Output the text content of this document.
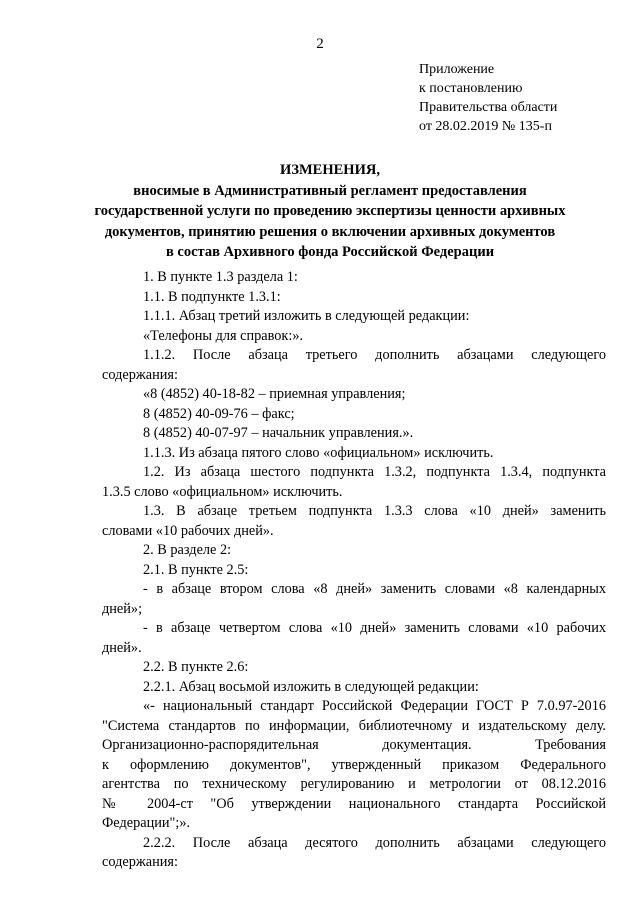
2
Приложение
к постановлению
Правительства области
от 28.02.2019 № 135-п
ИЗМЕНЕНИЯ,
вносимые в Административный регламент предоставления
государственной услуги по проведению экспертизы ценности архивных
документов, принятию решения о включении архивных документов
в состав Архивного фонда Российской Федерации
1. В пункте 1.3 раздела 1:
1.1. В подпункте 1.3.1:
1.1.1. Абзац третий изложить в следующей редакции:
«Телефоны для справок:».
1.1.2. После абзаца третьего дополнить абзацами следующего
содержания:
«8 (4852) 40-18-82 – приемная управления;
8 (4852) 40-09-76 – факс;
8 (4852) 40-07-97 – начальник управления.».
1.1.3. Из абзаца пятого слово «официальном» исключить.
1.2. Из абзаца шестого подпункта 1.3.2, подпункта 1.3.4, подпункта
1.3.5 слово «официальном» исключить.
1.3. В абзаце третьем подпункта 1.3.3 слова «10 дней» заменить
словами «10 рабочих дней».
2. В разделе 2:
2.1. В пункте 2.5:
- в абзаце втором слова «8 дней» заменить словами «8 календарных
дней»;
- в абзаце четвертом слова «10 дней» заменить словами «10 рабочих
дней».
2.2. В пункте 2.6:
2.2.1. Абзац восьмой изложить в следующей редакции:
«- национальный стандарт Российской Федерации ГОСТ Р 7.0.97-2016
"Система стандартов по информации, библиотечному и издательскому делу.
Организационно-распорядительная документация. Требования
к оформлению документов", утвержденный приказом Федерального
агентства по техническому регулированию и метрологии от 08.12.2016
№ 2004-ст "Об утверждении национального стандарта Российской
Федерации";».
2.2.2. После абзаца десятого дополнить абзацами следующего
содержания:
